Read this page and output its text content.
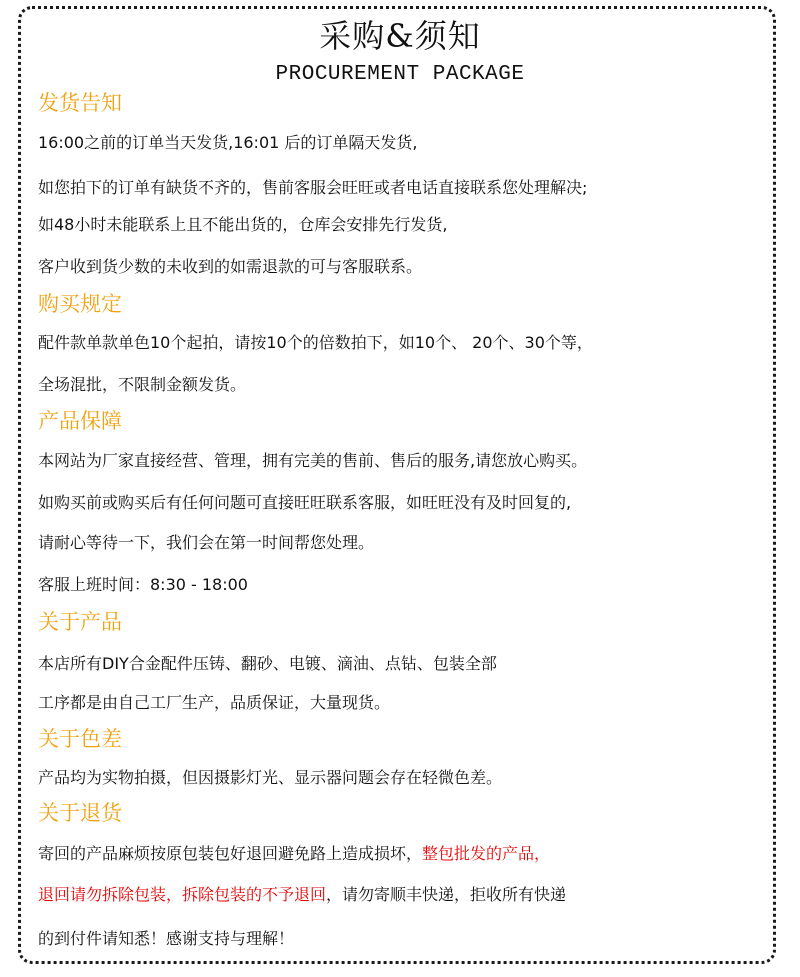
采购&须知
PROCUREMENT PACKAGE
发货告知
16:00之前的订单当天发货,16:01 后的订单隔天发货,
如您拍下的订单有缺货不齐的，售前客服会旺旺或者电话直接联系您处理解决;
如48小时未能联系上且不能出货的，仓库会安排先行发货,
客户收到货少数的未收到的如需退款的可与客服联系。
购买规定
配件款单款单色10个起拍，请按10个的倍数拍下，如10个、 20个、30个等，
全场混批，不限制金额发货。
产品保障
本网站为厂家直接经营、管理，拥有完美的售前、售后的服务,请您放心购买。
如购买前或购买后有任何问题可直接旺旺联系客服，如旺旺没有及时回复的,
请耐心等待一下，我们会在第一时间帮您处理。
客服上班时间：8:30 - 18:00
关于产品
本店所有DIY合金配件压铸、翻砂、电镀、滴油、点钻、包装全部
工序都是由自己工厂生产，品质保证，大量现货。
关于色差
产品均为实物拍摄，但因摄影灯光、显示器问题会存在轻微色差。
关于退货
寄回的产品麻烦按原包装包好退回避免路上造成损坏，整包批发的产品，
退回请勿拆除包装，拆除包装的不予退回，请勿寄顺丰快递，拒收所有快递
的到付件请知悉！感谢支持与理解！
